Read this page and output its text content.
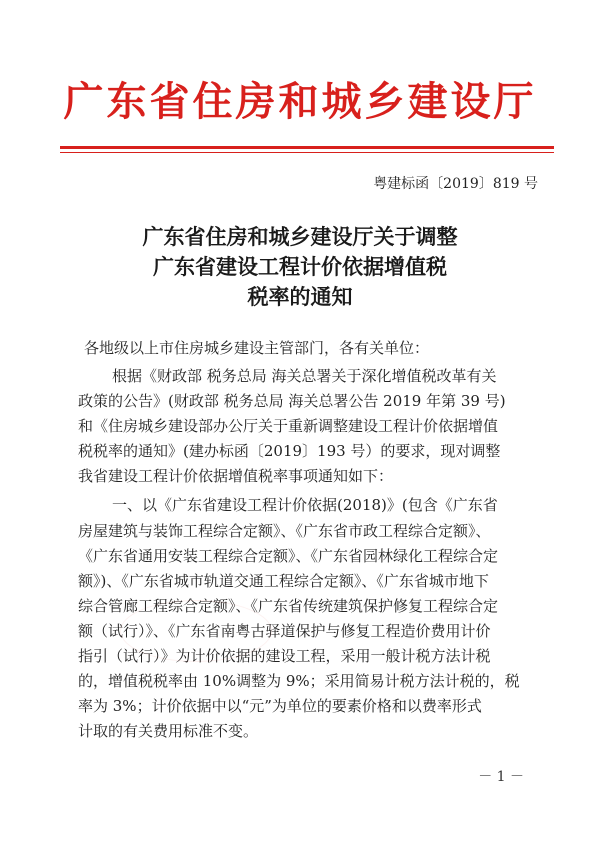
广东省住房和城乡建设厅
粤建标函〔2019〕819 号
广东省住房和城乡建设厅关于调整
广东省建设工程计价依据增值税
税率的通知
各地级以上市住房城乡建设主管部门，各有关单位：
根据《财政部 税务总局 海关总署关于深化增值税改革有关
政策的公告》(财政部 税务总局 海关总署公告 2019 年第 39 号)
和《住房城乡建设部办公厅关于重新调整建设工程计价依据增值
税税率的通知》(建办标函〔2019〕193 号）的要求，现对调整
我省建设工程计价依据增值税率事项通知如下：
一、以《广东省建设工程计价依据(2018)》(包含《广东省
房屋建筑与装饰工程综合定额》、《广东省市政工程综合定额》、
《广东省通用安装工程综合定额》、《广东省园林绿化工程综合定
额》)、《广东省城市轨道交通工程综合定额》、《广东省城市地下
综合管廊工程综合定额》、《广东省传统建筑保护修复工程综合定
额（试行）》、《广东省南粤古驿道保护与修复工程造价费用计价
指引（试行）》为计价依据的建设工程，采用一般计税方法计税
的，增值税税率由 10%调整为 9%；采用简易计税方法计税的，税
率为 3%；计价依据中以“元”为单位的要素价格和以费率形式
计取的有关费用标准不变。
－ 1 －
